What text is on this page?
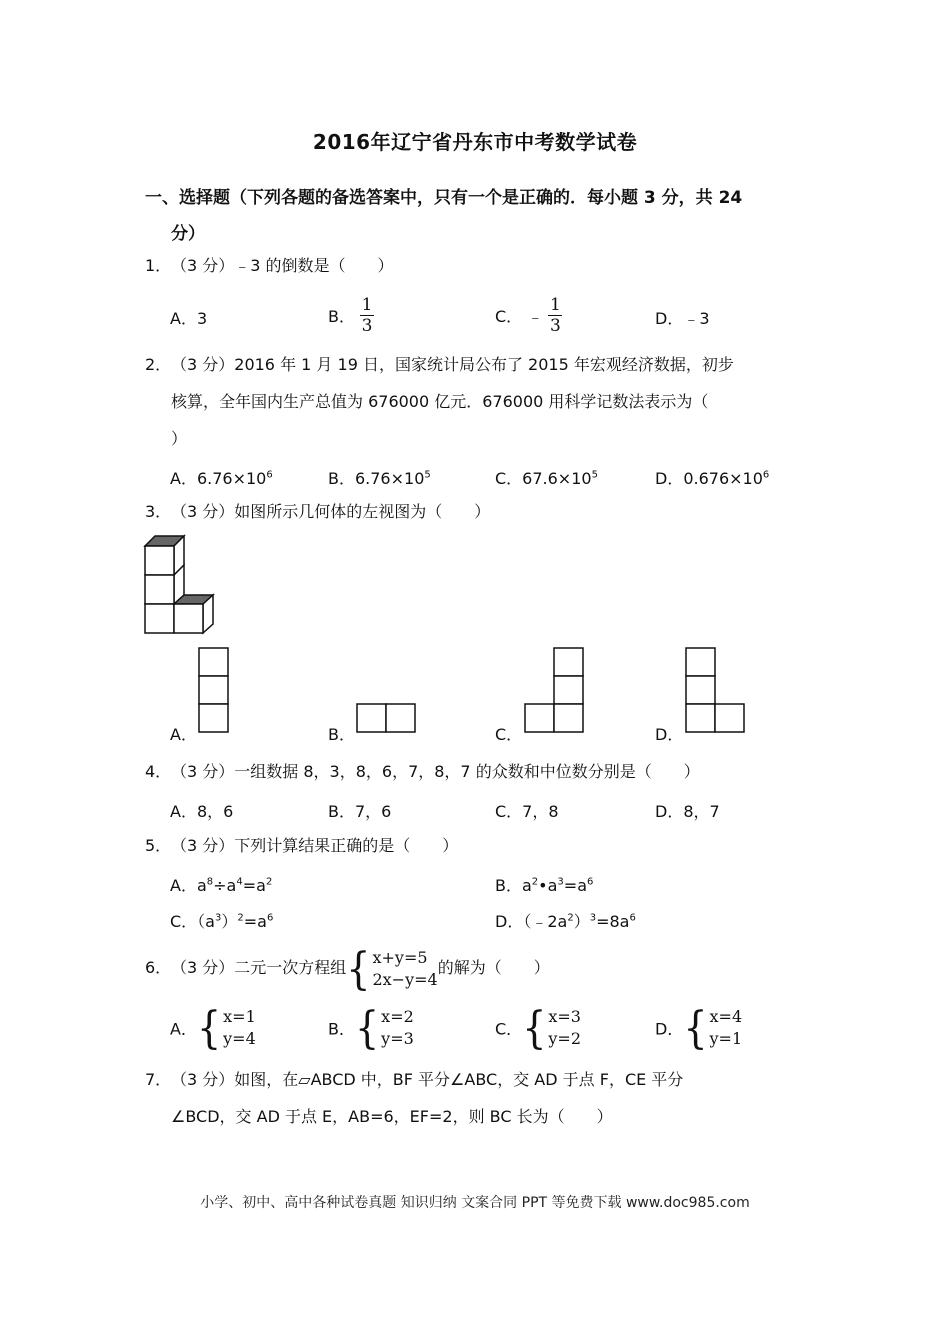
2016年辽宁省丹东市中考数学试卷
一、选择题（下列各题的备选答案中，只有一个是正确的．每小题 3 分，共 24
分）
1．（3 分）﹣3 的倒数是（　　）
A．3	B． $\frac{1}{3}$	C． ﹣ $\frac{1}{3}$	D．﹣3
2．（3 分）2016 年 1 月 19 日，国家统计局公布了 2015 年宏观经济数据，初步
核算，全年国内生产总值为 676000 亿元．676000 用科学记数法表示为（
）
A．$6.76\times 10^6$	B．$6.76\times 10^5$	C．$67.6\times 10^5$	D．$0.676\times 10^6$
3．（3 分）如图所示几何体的左视图为（　　）
A．	B．	C．	D．
4．（3 分）一组数据 8，3，8，6，7，8，7 的众数和中位数分别是（　　）
A．8，6	B．7，6	C．7，8	D．8，7
5．（3 分）下列计算结果正确的是（　　）
A．$a^8\div a^4=a^2$	B．$a^2•a^3=a^6$
C．$(a^3)^2=a^6$	D．$(﹣2a^2)^3=8a^6$
6．（3 分）二元一次方程组 { x+y=5
2x−y=4
的解为（　　）
A． { x=1
y=4	B． { x=2
y=3	C． { x=3
y=2	D． { x=4
y=1
7．（3 分）如图，在▱ABCD 中，BF 平分∠ABC，交 AD 于点 F，CE 平分
∠BCD，交 AD 于点 E，AB=6，EF=2，则 BC 长为（　　）
小学、初中、高中各种试卷真题 知识归纳 文案合同 PPT 等免费下载 www.doc985.com
